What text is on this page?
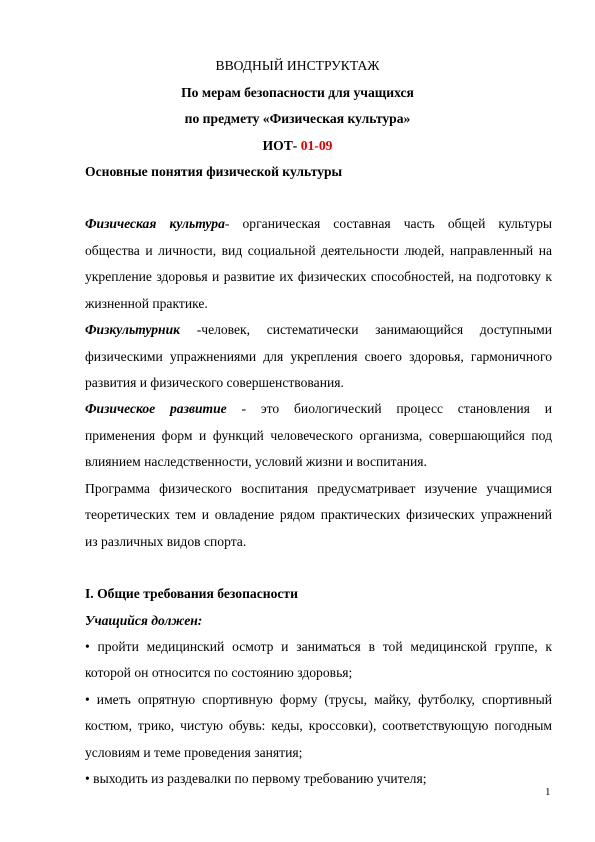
ВВОДНЫЙ ИНСТРУКТАЖ
По мерам безопасности для учащихся
по предмету «Физическая культура»
ИОТ- 01-09
Основные понятия физической культуры
Физическая культура- органическая составная часть общей культуры
общества и личности, вид социальной деятельности людей, направленный на
укрепление здоровья и развитие их физических способностей, на подготовку к
жизненной практике.
Физкультурник -человек, систематически занимающийся доступными
физическими упражнениями для укрепления своего здоровья, гармоничного
развития и физического совершенствования.
Физическое развитие - это биологический процесс становления и
применения форм и функций человеческого организма, совершающийся под
влиянием наследственности, условий жизни и воспитания.
Программа физического воспитания предусматривает изучение учащимися
теоретических тем и овладение рядом практических физических упражнений
из различных видов спорта.
I. Общие требования безопасности
Учащийся должен:
• пройти медицинский осмотр и заниматься в той медицинской группе, к
которой он относится по состоянию здоровья;
• иметь опрятную спортивную форму (трусы, майку, футболку, спортивный
костюм, трико, чистую обувь: кеды, кроссовки), соответствующую погодным
условиям и теме проведения занятия;
• выходить из раздевалки по первому требованию учителя;
1
